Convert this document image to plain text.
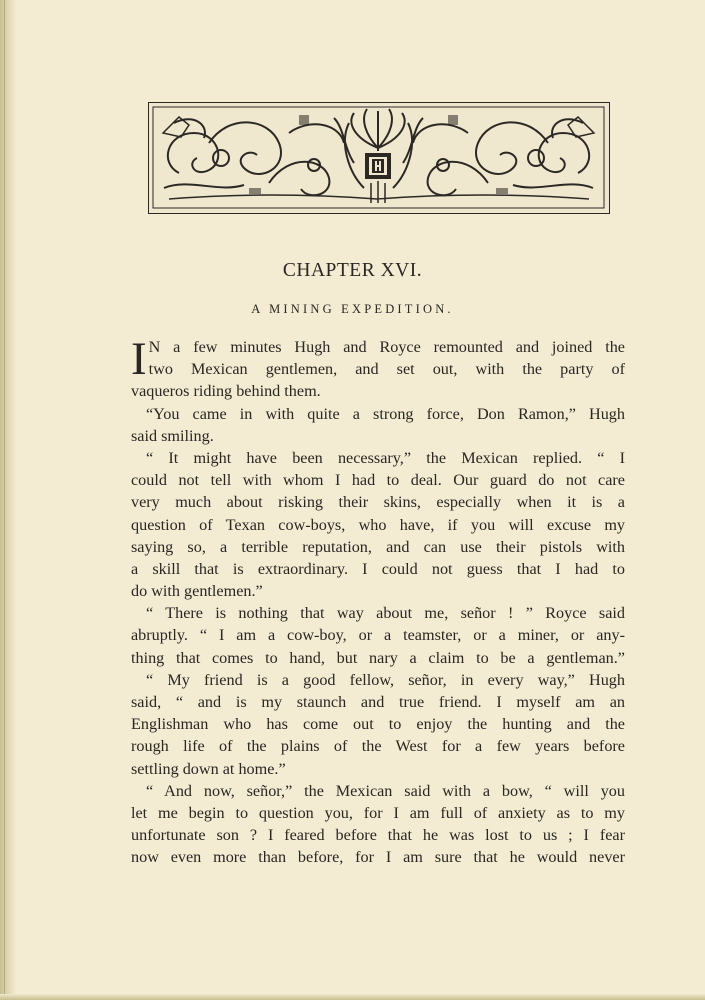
CHAPTER XVI.
A MINING EXPEDITION.
I N a few minutes Hugh and Royce remounted and joined the
two Mexican gentlemen, and set out, with the party of
vaqueros riding behind them.
“You came in with quite a strong force, Don Ramon,” Hugh
said smiling.
“ It might have been necessary,” the Mexican replied. “ I
could not tell with whom I had to deal. Our guard do not care
very much about risking their skins, especially when it is a
question of Texan cow-boys, who have, if you will excuse my
saying so, a terrible reputation, and can use their pistols with
a skill that is extraordinary. I could not guess that I had to
do with gentlemen.”
“ There is nothing that way about me, señor ! ” Royce said
abruptly. “ I am a cow-boy, or a teamster, or a miner, or any-
thing that comes to hand, but nary a claim to be a gentleman.”
“ My friend is a good fellow, señor, in every way,” Hugh
said, “ and is my staunch and true friend. I myself am an
Englishman who has come out to enjoy the hunting and the
rough life of the plains of the West for a few years before
settling down at home.”
“ And now, señor,” the Mexican said with a bow, “ will you
let me begin to question you, for I am full of anxiety as to my
unfortunate son ? I feared before that he was lost to us ; I fear
now even more than before, for I am sure that he would never
